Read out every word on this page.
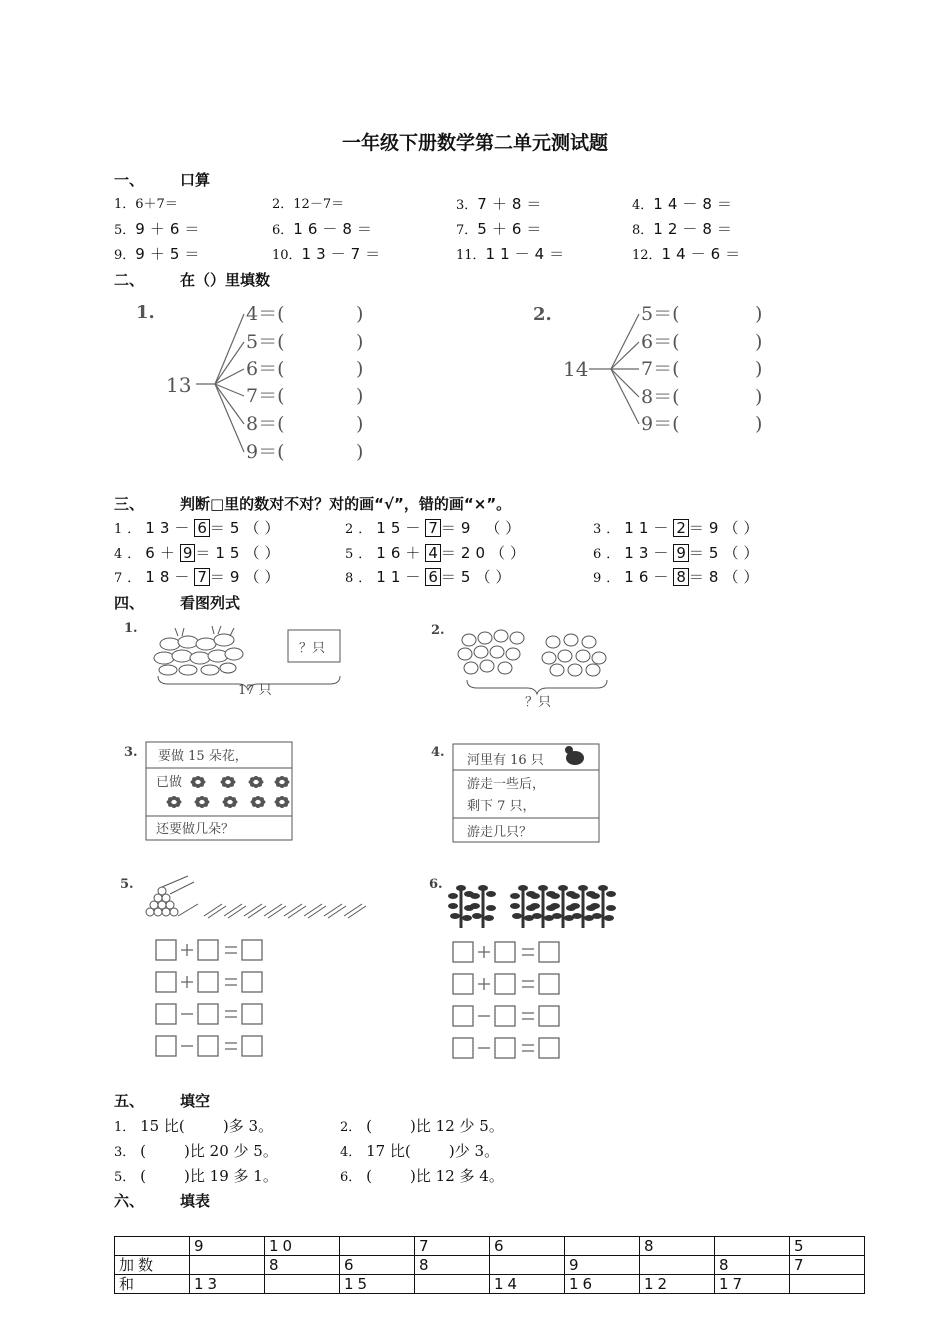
一年级下册数学第二单元测试题
一、 口算
1．6＋7＝	2．12－7＝	3．7＋8＝	4．14－8＝
5．9＋6＝	6．16－8＝	7．5＋6＝	8．12－8＝
9．9＋5＝	10．13－7＝	11．11－4＝	12．14－6＝
二、 在（）里填数
1.
13
4＝(	)
5＝(	)
6＝(	)
7＝(	)
8＝(	)
9＝(	)
2.
14
5＝(	)
6＝(	)
7＝(	)
8＝(	)
9＝(	)
三、 判断□里的数对不对？对的画“√”，错的画“×”。
1．13－ 6 ＝5（）	2．15－ 7 ＝9 （）	3．11－ 2 ＝9（）
4．6＋ 9 ＝15（）	5．16＋ 4 ＝20（）	6．13－ 9 ＝5（）
7．18－ 7 ＝9（）	8．11－ 6 ＝5（）	9．16－ 8 ＝8（）
四、 看图列式
1.
？只
17 只
2.
？只
3. 要做 15 朵花，
已做
还要做几朵？
4.
河里有 16 只
游走一些后，
剩下 7 只，
游走几只？
5.	6.
五、 填空
1． 15 比(        )多 3。	2． (        )比 12 少 5。
3． (        )比 20 少 5。	4． 17 比(        )少 3。
5． (        )比 19 多 1。	6． (        )比 12 多 4。
六、 填表
	9	10		7	6		8		5
加数		8	6	8		9		8	7
和	13		15		14	16	12	17	
